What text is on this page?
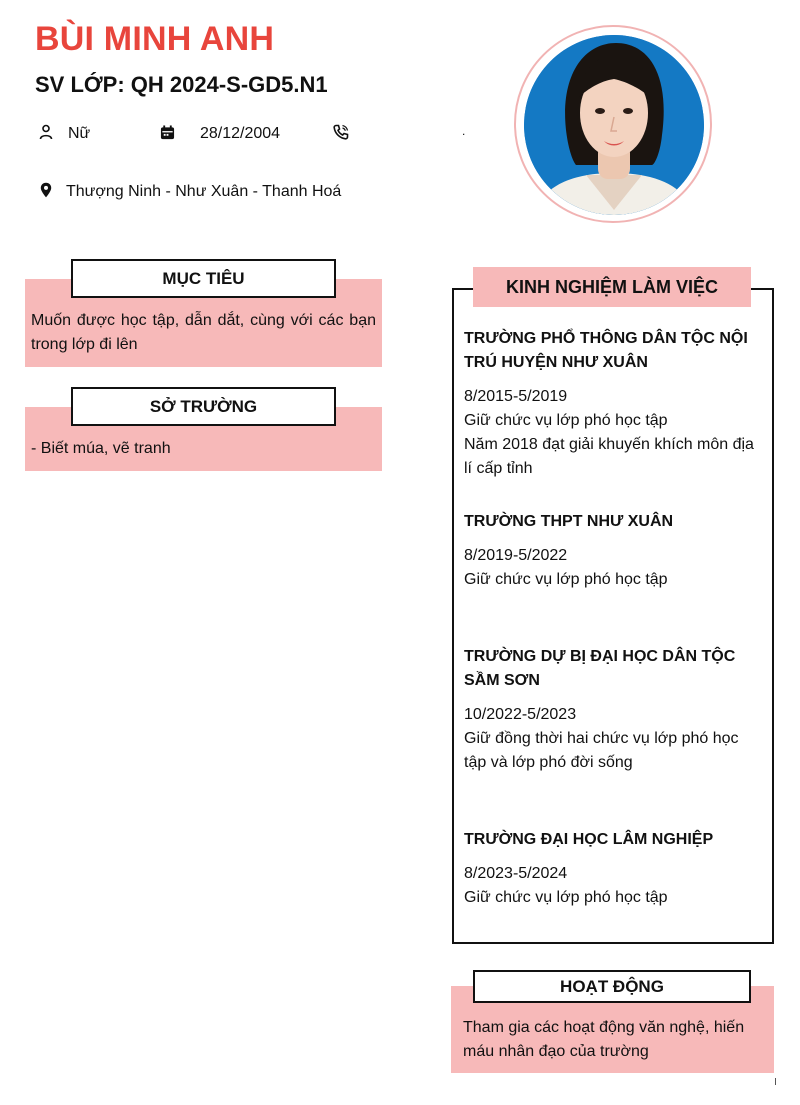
BÙI MINH ANH
SV LỚP: QH 2024-S-GD5.N1
Nữ	28/12/2004	.
Thượng Ninh - Như Xuân - Thanh Hoá
MỤC TIÊU
Muốn được học tập, dẫn dắt, cùng với các bạn trong lớp đi lên
SỞ TRƯỜNG
- Biết múa, vẽ tranh
KINH NGHIỆM LÀM VIỆC
TRƯỜNG PHỔ THÔNG DÂN TỘC NỘI TRÚ HUYỆN NHƯ XUÂN
8/2015-5/2019
Giữ chức vụ lớp phó học tập
Năm 2018 đạt giải khuyến khích môn địa lí cấp tỉnh
TRƯỜNG THPT NHƯ XUÂN
8/2019-5/2022
Giữ chức vụ lớp phó học tập
TRƯỜNG DỰ BỊ ĐẠI HỌC DÂN TỘC SẦM SƠN
10/2022-5/2023
Giữ đồng thời hai chức vụ lớp phó học tập và lớp phó đời sống
TRƯỜNG ĐẠI HỌC LÂM NGHIỆP
8/2023-5/2024
Giữ chức vụ lớp phó học tập
HOẠT ĐỘNG
Tham gia các hoạt động văn nghệ, hiến máu nhân đạo của trường
